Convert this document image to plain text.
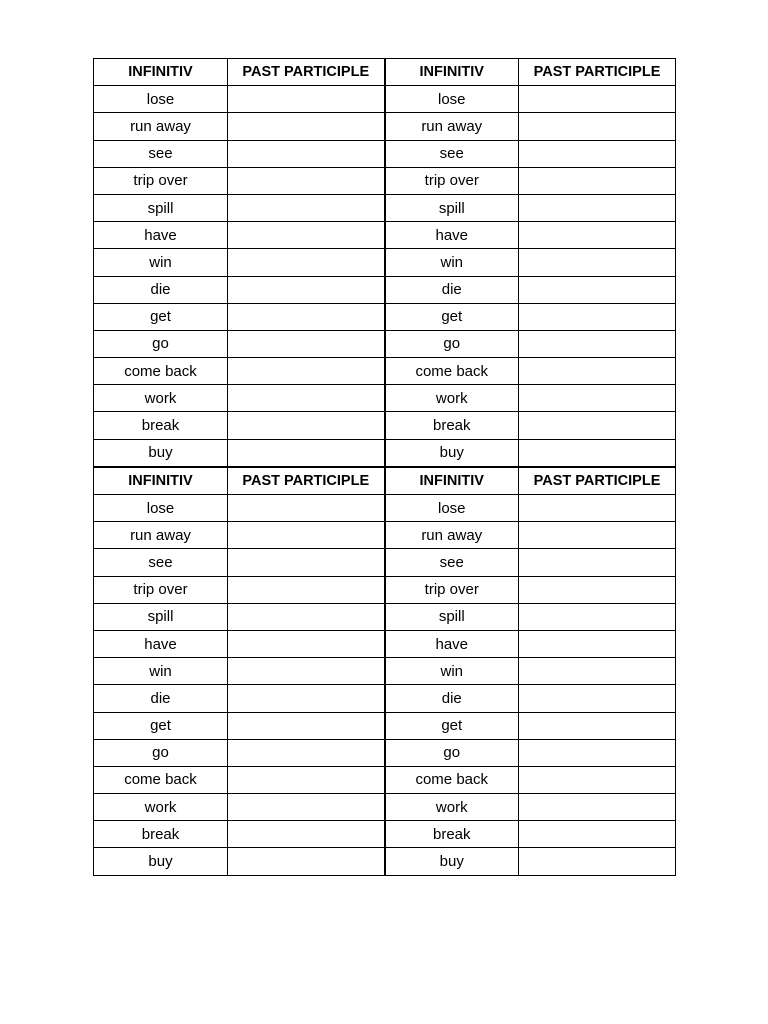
INFINITIV	PAST PARTICIPLE	INFINITIV	PAST PARTICIPLE
lose		lose	
run away		run away	
see		see	
trip over		trip over	
spill		spill	
have		have	
win		win	
die		die	
get		get	
go		go	
come back		come back	
work		work	
break		break	
buy		buy	
INFINITIV	PAST PARTICIPLE	INFINITIV	PAST PARTICIPLE
lose		lose	
run away		run away	
see		see	
trip over		trip over	
spill		spill	
have		have	
win		win	
die		die	
get		get	
go		go	
come back		come back	
work		work	
break		break	
buy		buy	
